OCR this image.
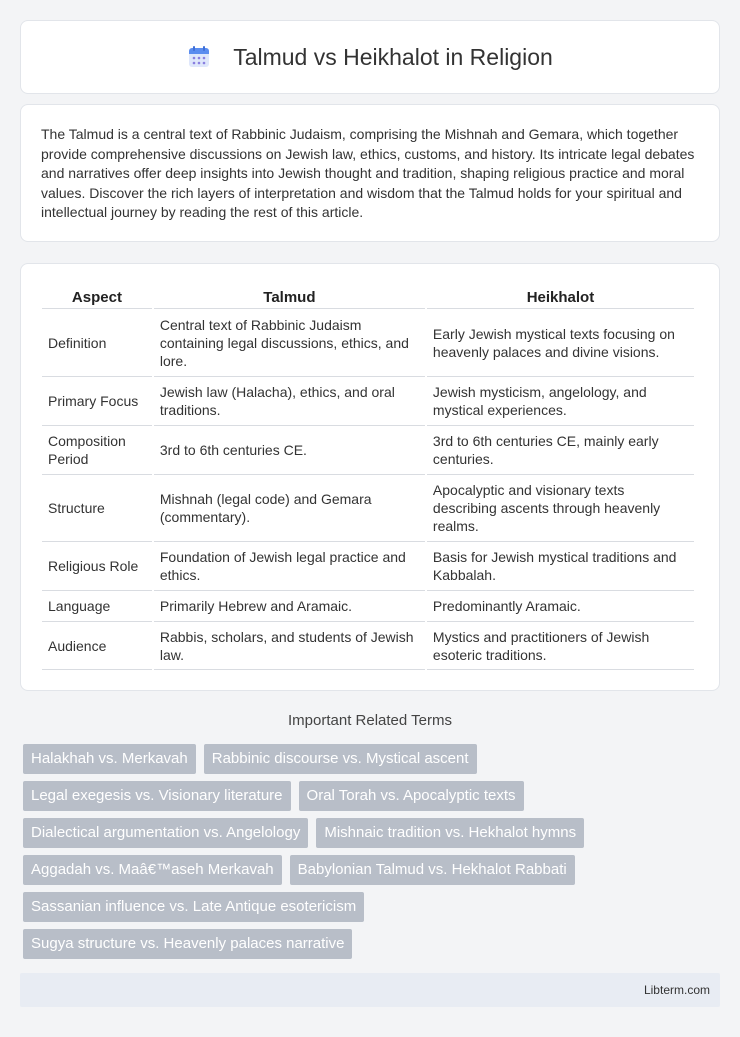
Talmud vs Heikhalot in Religion

The Talmud is a central text of Rabbinic Judaism, comprising the Mishnah and Gemara, which together provide comprehensive discussions on Jewish law, ethics, customs, and history. Its intricate legal debates and narratives offer deep insights into Jewish thought and tradition, shaping religious practice and moral values. Discover the rich layers of interpretation and wisdom that the Talmud holds for your spiritual and intellectual journey by reading the rest of this article.

Aspect	Talmud	Heikhalot
Definition	Central text of Rabbinic Judaism containing legal discussions, ethics, and lore.	Early Jewish mystical texts focusing on heavenly palaces and divine visions.
Primary Focus	Jewish law (Halacha), ethics, and oral traditions.	Jewish mysticism, angelology, and mystical experiences.
Composition Period	3rd to 6th centuries CE.	3rd to 6th centuries CE, mainly early centuries.
Structure	Mishnah (legal code) and Gemara (commentary).	Apocalyptic and visionary texts describing ascents through heavenly realms.
Religious Role	Foundation of Jewish legal practice and ethics.	Basis for Jewish mystical traditions and Kabbalah.
Language	Primarily Hebrew and Aramaic.	Predominantly Aramaic.
Audience	Rabbis, scholars, and students of Jewish law.	Mystics and practitioners of Jewish esoteric traditions.
Important Related Terms
Halakhah vs. Merkavah	Rabbinic discourse vs. Mystical ascent
Legal exegesis vs. Visionary literature	Oral Torah vs. Apocalyptic texts
Dialectical argumentation vs. Angelology	Mishnaic tradition vs. Hekhalot hymns
Aggadah vs. Maâ€™aseh Merkavah	Babylonian Talmud vs. Hekhalot Rabbati
Sassanian influence vs. Late Antique esotericism
Sugya structure vs. Heavenly palaces narrative
Libterm.com
